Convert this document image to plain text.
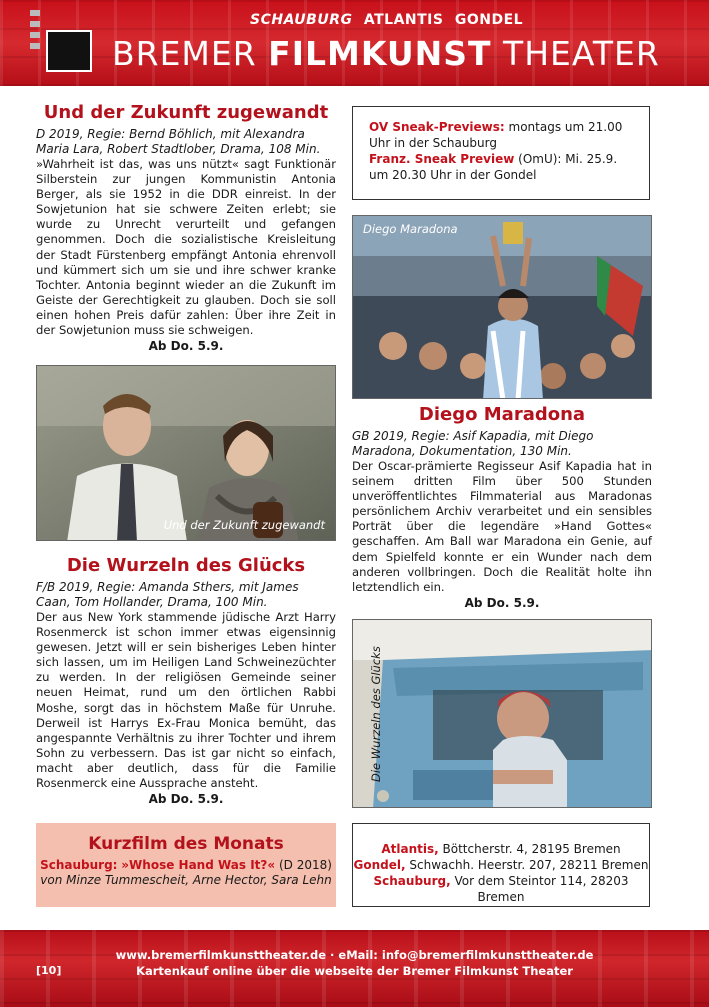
SCHAUBURG ATLANTIS GONDEL
BREMER FILMKUNST THEATER
Und der Zukunft zugewandt
D 2019, Regie: Bernd Böhlich, mit Alexandra Maria Lara, Robert Stadtlober, Drama, 108 Min.
»Wahrheit ist das, was uns nützt« sagt Funktionär Silberstein zur jungen Kommunistin Antonia Berger, als sie 1952 in die DDR einreist. In der Sowjetunion hat sie schwere Zeiten erlebt; sie wurde zu Unrecht verurteilt und gefangen genommen. Doch die sozialistische Kreisleitung der Stadt Fürstenberg empfängt Antonia ehrenvoll und kümmert sich um sie und ihre schwer kranke Tochter. Antonia beginnt wieder an die Zukunft im Geiste der Gerechtigkeit zu glauben. Doch sie soll einen hohen Preis dafür zahlen: Über ihre Zeit in der Sowjetunion muss sie schweigen.
Ab Do. 5.9.
Und der Zukunft zugewandt
Die Wurzeln des Glücks
F/B 2019, Regie: Amanda Sthers, mit James Caan, Tom Hollander, Drama, 100 Min.
Der aus New York stammende jüdische Arzt Harry Rosenmerck ist schon immer etwas eigensinnig gewesen. Jetzt will er sein bisheriges Leben hinter sich lassen, um im Heiligen Land Schweinezüchter zu werden. In der religiösen Gemeinde seiner neuen Heimat, rund um den örtlichen Rabbi Moshe, sorgt das in höchstem Maße für Unruhe. Derweil ist Harrys Ex-Frau Monica bemüht, das angespannte Verhältnis zu ihrer Tochter und ihrem Sohn zu verbessern. Das ist gar nicht so einfach, macht aber deutlich, dass für die Familie Rosenmerck eine Aussprache ansteht.
Ab Do. 5.9.
Kurzfilm des Monats
Schauburg: »Whose Hand Was It?« (D 2018)
von Minze Tummescheit, Arne Hector, Sara Lehn
OV Sneak-Previews: montags um 21.00 Uhr in der Schauburg
Franz. Sneak Preview (OmU): Mi. 25.9. um 20.30 Uhr in der Gondel
Diego Maradona
Diego Maradona
GB 2019, Regie: Asif Kapadia, mit Diego Maradona, Dokumentation, 130 Min.
Der Oscar-prämierte Regisseur Asif Kapadia hat in seinem dritten Film über 500 Stunden unveröffentlichtes Filmmaterial aus Maradonas persönlichem Archiv verarbeitet und ein sensibles Porträt über die legendäre »Hand Gottes« geschaffen. Am Ball war Maradona ein Genie, auf dem Spielfeld konnte er ein Wunder nach dem anderen vollbringen. Doch die Realität holte ihn letztendlich ein.
Ab Do. 5.9.
Die Wurzeln des Glücks
Atlantis, Böttcherstr. 4, 28195 Bremen
Gondel, Schwachh. Heerstr. 207, 28211 Bremen
Schauburg, Vor dem Steintor 114, 28203 Bremen
www.bremerfilmkunsttheater.de · eMail: info@bremerfilmkunsttheater.de
Kartenkauf online über die webseite der Bremer Filmkunst Theater
[10]
